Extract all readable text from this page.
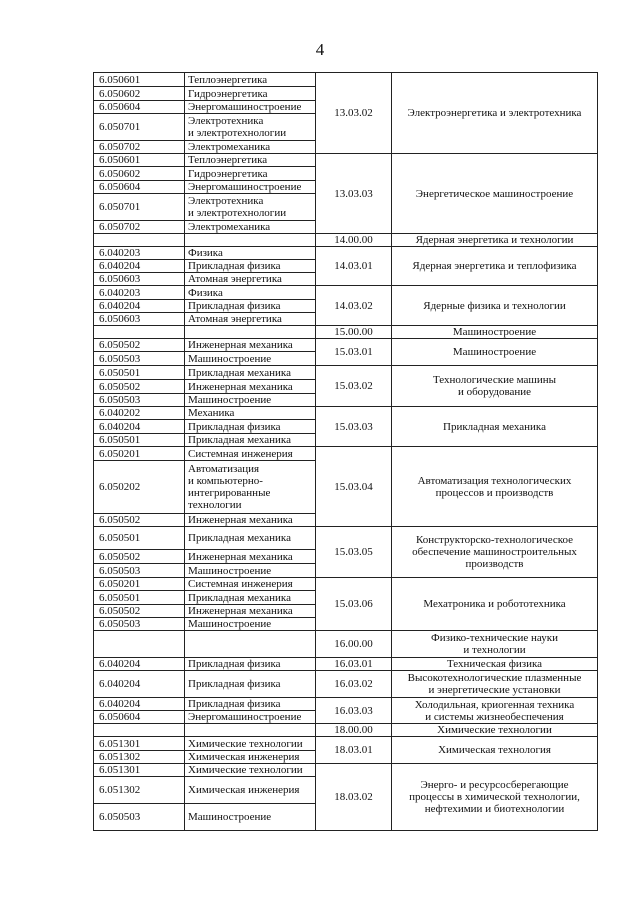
4
6.050601	Теплоэнергетика	13.03.02	Электроэнергетика и электротехника

6.050602	Гидроэнергетика		

6.050604	Энергомашиностроение		

6.050701	Электротехника
и электротехнологии		

6.050702	Электромеханика		

6.050601	Теплоэнергетика	13.03.03	Энергетическое машиностроение

6.050602	Гидроэнергетика		

6.050604	Энергомашиностроение		

6.050701	Электротехника
и электротехнологии		

6.050702	Электромеханика		

	14.00.00	Ядерная энергетика и технологии

6.040203	Физика	14.03.01	Ядерная энергетика и теплофизика

6.040204	Прикладная физика		

6.050603	Атомная энергетика		

6.040203	Физика	14.03.02	Ядерные физика и технологии

6.040204	Прикладная физика		

6.050603	Атомная энергетика		

	15.00.00	Машиностроение

6.050502	Инженерная механика	15.03.01	Машиностроение

6.050503	Машиностроение		

6.050501	Прикладная механика	15.03.02	Технологические машины
и оборудование

6.050502	Инженерная механика		

6.050503	Машиностроение		

6.040202	Механика	15.03.03	Прикладная механика

6.040204	Прикладная физика		

6.050501	Прикладная механика		

6.050201	Системная инженерия	15.03.04	Автоматизация технологических
процессов и производств

6.050202	Автоматизация
и компьютерно-
интегрированные
технологии		

6.050502	Инженерная механика		

6.050501	Прикладная механика	15.03.05	Конструкторско-технологическое
обеспечение машиностроительных
производств

6.050502	Инженерная механика		

6.050503	Машиностроение		

6.050201	Системная инженерия	15.03.06	Мехатроника и робототехника

6.050501	Прикладная механика		

6.050502	Инженерная механика		

6.050503	Машиностроение		

	16.00.00	Физико-технические науки
и технологии

6.040204	Прикладная физика	16.03.01	Техническая физика

6.040204	Прикладная физика	16.03.02	Высокотехнологические плазменные
и энергетические установки

6.040204	Прикладная физика	16.03.03	Холодильная, криогенная техника
и системы жизнеобеспечения

6.050604	Энергомашиностроение		

	18.00.00	Химические технологии

6.051301	Химические технологии	18.03.01	Химическая технология

6.051302	Химическая инженерия		

6.051301	Химические технологии	18.03.02	Энерго- и ресурсосберегающие
процессы в химической технологии,
нефтехимии и биотехнологии

6.051302	Химическая инженерия		

6.050503	Машиностроение		
